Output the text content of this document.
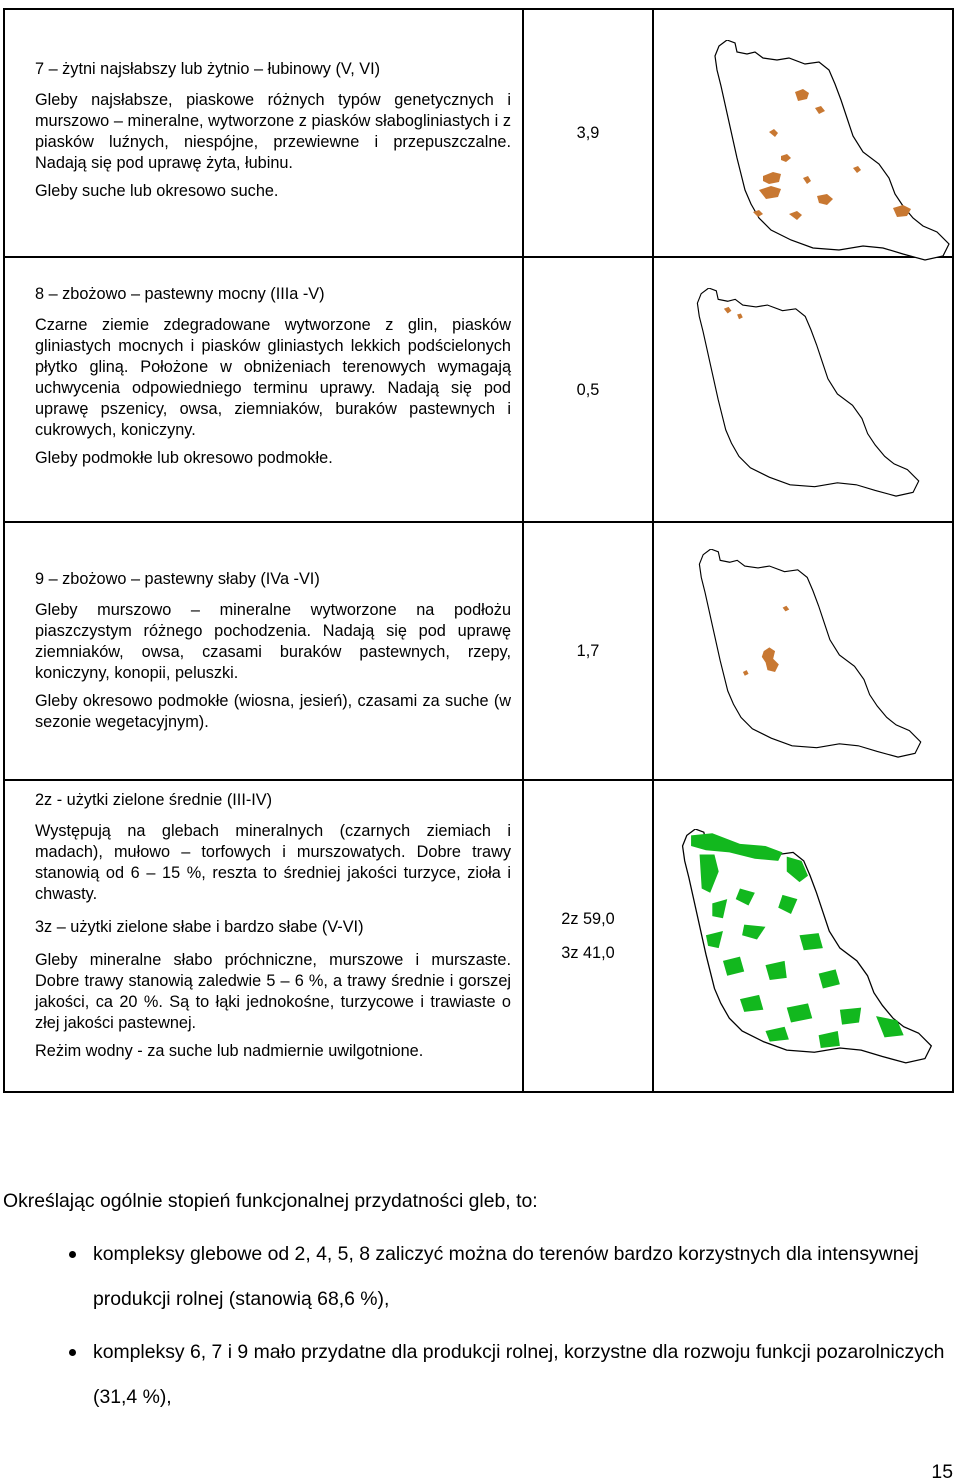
7 – żytni najsłabszy lub żytnio – łubinowy (V, VI)

Gleby najsłabsze, piaskowe różnych typów genetycznych i murszowo – mineralne, wytworzone z piasków słabogliniastych i z piasków luźnych, niespójne, przewiewne i przepuszczalne. Nadają się pod uprawę żyta, łubinu.

Gleby suche lub okresowo suche.

3,9

8 – zbożowo – pastewny mocny (IIIa -V)

Czarne ziemie zdegradowane wytworzone z glin, piasków gliniastych mocnych i piasków gliniastych lekkich podścielonych płytko gliną. Położone w obniżeniach terenowych wymagają uchwycenia odpowiedniego terminu uprawy. Nadają się pod uprawę pszenicy, owsa, ziemniaków, buraków pastewnych i cukrowych, koniczyny.

Gleby podmokłe lub okresowo podmokłe.

0,5

9 – zbożowo – pastewny słaby (IVa -VI)

Gleby murszowo – mineralne wytworzone na podłożu piaszczystym różnego pochodzenia. Nadają się pod uprawę ziemniaków, owsa, czasami buraków pastewnych, rzepy, koniczyny, konopii, peluszki.

Gleby okresowo podmokłe (wiosna, jesień), czasami za suche (w sezonie wegetacyjnym).

1,7

2z - użytki zielone średnie (III-IV)

Występują na glebach mineralnych (czarnych ziemiach i madach), mułowo – torfowych i murszowatych. Dobre trawy stanowią od 6 – 15 %, reszta to średniej jakości turzyce, zioła i chwasty.

3z – użytki zielone słabe i bardzo słabe (V-VI)

Gleby mineralne słabo próchniczne, murszowe i murszaste. Dobre trawy stanowią zaledwie 5 – 6 %, a trawy średnie i gorszej jakości, ca 20 %. Są to łąki jednokośne, turzycowe i trawiaste o złej jakości pastewnej.

Reżim wodny - za suche lub nadmiernie uwilgotnione.

2z 59,0
3z 41,0

Określając ogólnie stopień funkcjonalnej przydatności gleb, to:

kompleksy glebowe od 2, 4, 5, 8 zaliczyć można do terenów bardzo korzystnych dla intensywnej produkcji rolnej (stanowią 68,6 %),
kompleksy 6, 7 i 9 mało przydatne dla produkcji rolnej, korzystne dla rozwoju funkcji pozarolniczych (31,4 %),
15
